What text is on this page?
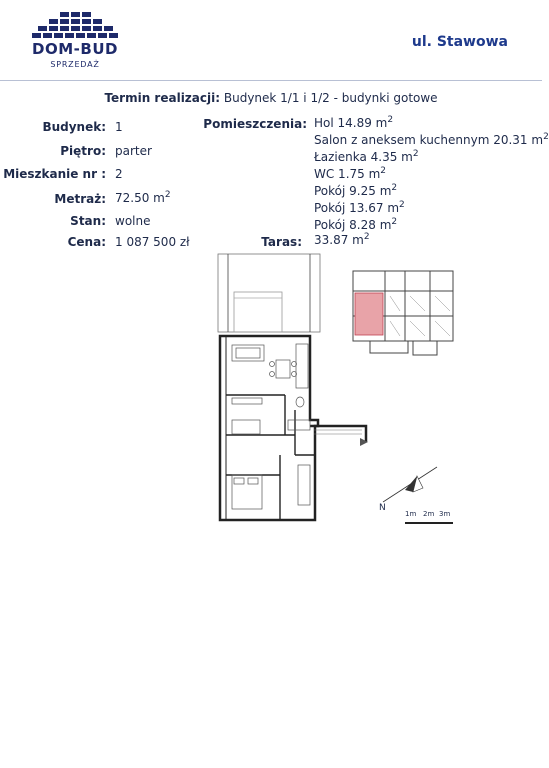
DOM-BUD
SPRZEDAŻ
ul. Stawowa
Termin realizacji: Budynek 1/1 i 1/2 - budynki gotowe
Budynek: 1
Piętro: parter
Mieszkanie nr : 2
Metraż: 72.50 $m^2$
Stan: wolne
Cena: 1 087 500 zł
Pomieszczenia: Hol 14.89 $m^2$
Salon z aneksem kuchennym 20.31 $m^2$
Łazienka 4.35 $m^2$
WC 1.75 $m^2$
Pokój 9.25 $m^2$
Pokój 13.67 $m^2$
Pokój 8.28 $m^2$
Taras: 33.87 $m^2$
N
1m 2m 3m
